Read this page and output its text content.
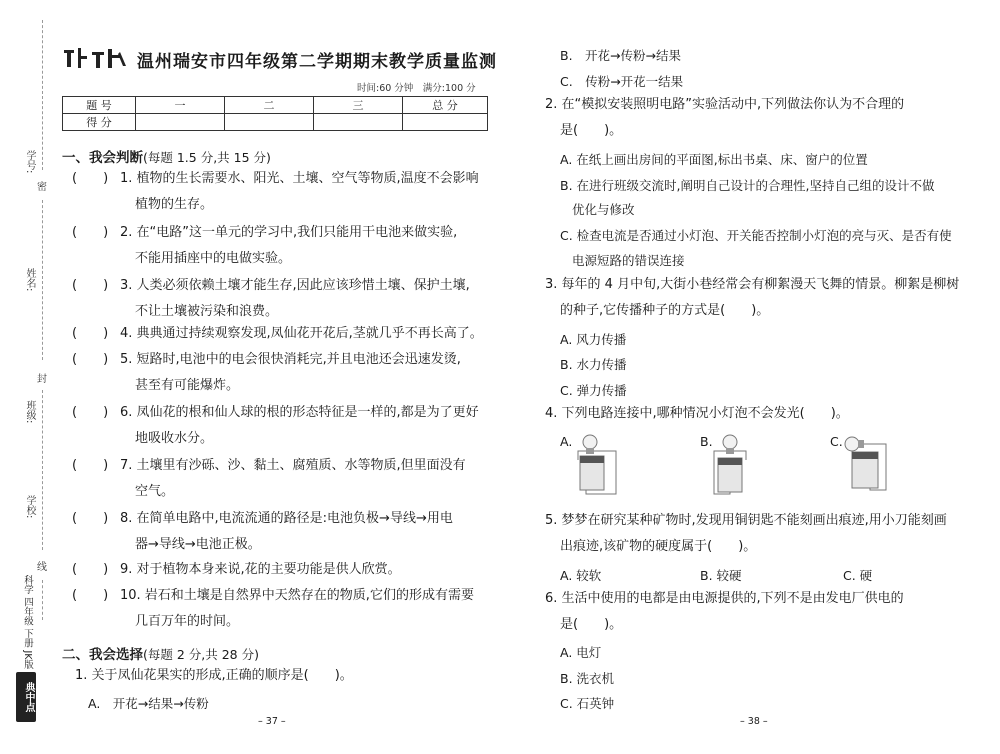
学号:
密
姓名:
封
班级:
学校:
线
科学 四年级 下册 JK版
典中点
温州瑞安市四年级第二学期期末教学质量监测
时间:60 分钟　满分:100 分
题 号	一	二	三	总 分
得 分				
一、我会判断(每题 1.5 分,共 15 分)
(　　) 1. 植物的生长需要水、阳光、土壤、空气等物质,温度不会影响
植物的生存。
(　　) 2. 在“电路”这一单元的学习中,我们只能用干电池来做实验,
不能用插座中的电做实验。
(　　) 3. 人类必须依赖土壤才能生存,因此应该珍惜土壤、保护土壤,
不让土壤被污染和浪费。
(　　) 4. 典典通过持续观察发现,凤仙花开花后,茎就几乎不再长高了。
(　　) 5. 短路时,电池中的电会很快消耗完,并且电池还会迅速发烫,
甚至有可能爆炸。
(　　) 6. 凤仙花的根和仙人球的根的形态特征是一样的,都是为了更好
地吸收水分。
(　　) 7. 土壤里有沙砾、沙、黏土、腐殖质、水等物质,但里面没有
空气。
(　　) 8. 在简单电路中,电流流通的路径是:电池负极→导线→用电
器→导线→电池正极。
(　　) 9. 对于植物本身来说,花的主要功能是供人欣赏。
(　　) 10. 岩石和土壤是自然界中天然存在的物质,它们的形成有需要
几百万年的时间。
二、我会选择(每题 2 分,共 28 分)
1. 关于凤仙花果实的形成,正确的顺序是(　　)。
A.　开花→结果→传粉
– 37 –
B.　开花→传粉→结果
C.　传粉→开花一结果
2. 在“模拟安装照明电路”实验活动中,下列做法你认为不合理的
是(　　)。
A. 在纸上画出房间的平面图,标出书桌、床、窗户的位置
B. 在进行班级交流时,阐明自己设计的合理性,坚持自己组的设计不做
优化与修改
C. 检查电流是否通过小灯泡、开关能否控制小灯泡的亮与灭、是否有使
电源短路的错误连接
3. 每年的 4 月中旬,大街小巷经常会有柳絮漫天飞舞的情景。柳絮是柳树
的种子,它传播种子的方式是(　　)。
A. 风力传播
B. 水力传播
C. 弹力传播
4. 下列电路连接中,哪种情况小灯泡不会发光(　　)。
A.	B.	C.
5. 梦梦在研究某种矿物时,发现用铜钥匙不能刻画出痕迹,用小刀能刻画
出痕迹,该矿物的硬度属于(　　)。
A. 较软	B. 较硬	C. 硬
6. 生活中使用的电都是由电源提供的,下列不是由发电厂供电的
是(　　)。
A. 电灯
B. 洗衣机
C. 石英钟
– 38 –
